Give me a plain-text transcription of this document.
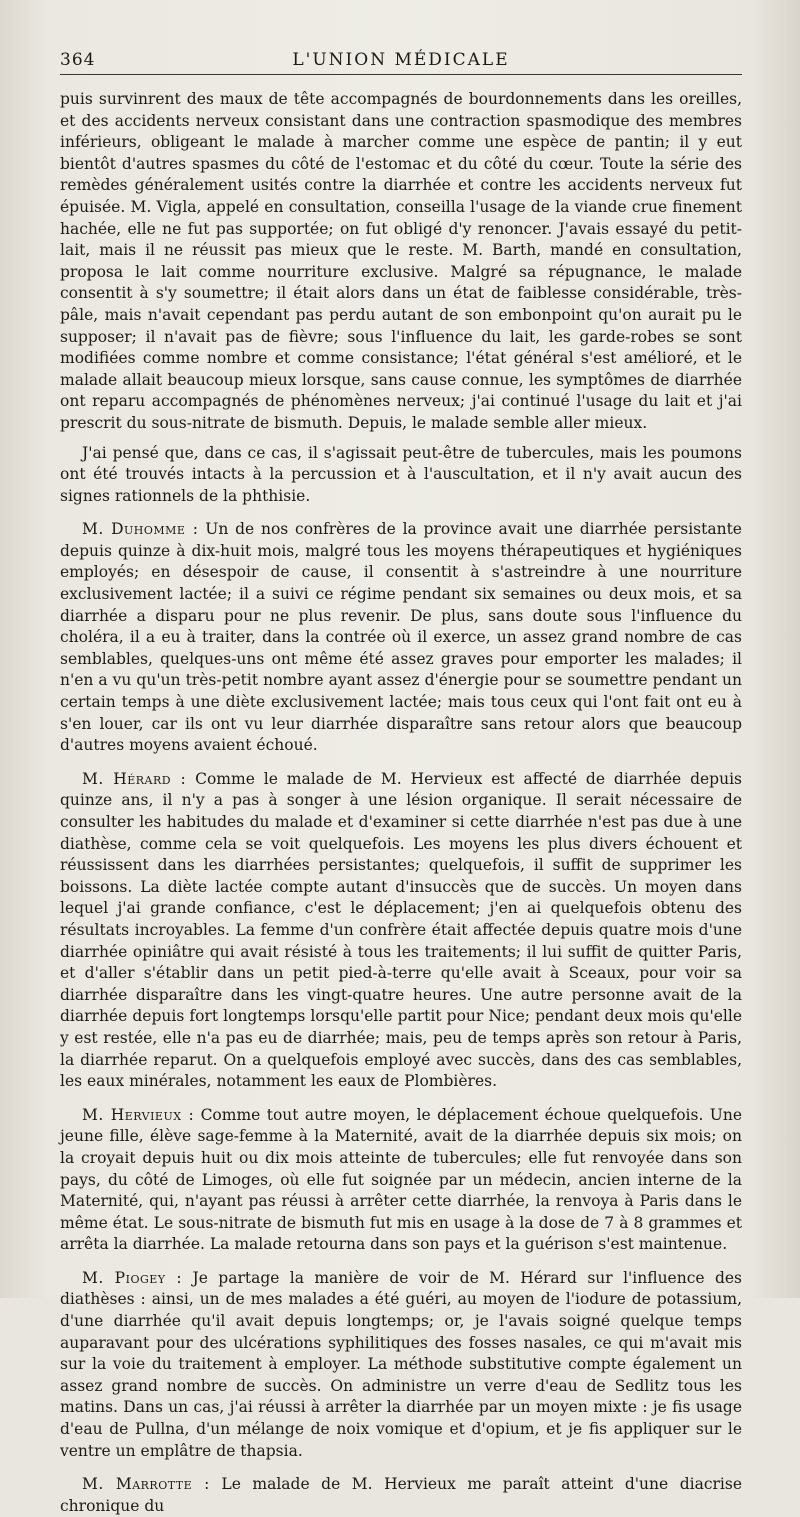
364	L'UNION MÉDICALE

puis survinrent des maux de tête accompagnés de bourdonnements dans les oreilles, et des accidents nerveux consistant dans une contraction spasmodique des membres inférieurs, obligeant le malade à marcher comme une espèce de pantin; il y eut bientôt d'autres spasmes du côté de l'estomac et du côté du cœur. Toute la série des remèdes généralement usités contre la diarrhée et contre les accidents nerveux fut épuisée. M. Vigla, appelé en consultation, conseilla l'usage de la viande crue finement hachée, elle ne fut pas supportée; on fut obligé d'y renoncer. J'avais essayé du petit-lait, mais il ne réussit pas mieux que le reste. M. Barth, mandé en consultation, proposa le lait comme nourriture exclusive. Malgré sa répugnance, le malade consentit à s'y soumettre; il était alors dans un état de faiblesse considérable, très-pâle, mais n'avait cependant pas perdu autant de son embonpoint qu'on aurait pu le supposer; il n'avait pas de fièvre; sous l'influence du lait, les garde-robes se sont modifiées comme nombre et comme consistance; l'état général s'est amélioré, et le malade allait beaucoup mieux lorsque, sans cause connue, les symptômes de diarrhée ont reparu accompagnés de phénomènes nerveux; j'ai continué l'usage du lait et j'ai prescrit du sous-nitrate de bismuth. Depuis, le malade semble aller mieux.

J'ai pensé que, dans ce cas, il s'agissait peut-être de tubercules, mais les poumons ont été trouvés intacts à la percussion et à l'auscultation, et il n'y avait aucun des signes rationnels de la phthisie.

M. Duhomme : Un de nos confrères de la province avait une diarrhée persistante depuis quinze à dix-huit mois, malgré tous les moyens thérapeutiques et hygiéniques employés; en désespoir de cause, il consentit à s'astreindre à une nourriture exclusivement lactée; il a suivi ce régime pendant six semaines ou deux mois, et sa diarrhée a disparu pour ne plus revenir. De plus, sans doute sous l'influence du choléra, il a eu à traiter, dans la contrée où il exerce, un assez grand nombre de cas semblables, quelques-uns ont même été assez graves pour emporter les malades; il n'en a vu qu'un très-petit nombre ayant assez d'énergie pour se soumettre pendant un certain temps à une diète exclusivement lactée; mais tous ceux qui l'ont fait ont eu à s'en louer, car ils ont vu leur diarrhée disparaître sans retour alors que beaucoup d'autres moyens avaient échoué.

M. Hérard : Comme le malade de M. Hervieux est affecté de diarrhée depuis quinze ans, il n'y a pas à songer à une lésion organique. Il serait nécessaire de consulter les habitudes du malade et d'examiner si cette diarrhée n'est pas due à une diathèse, comme cela se voit quelquefois. Les moyens les plus divers échouent et réussissent dans les diarrhées persistantes; quelquefois, il suffit de supprimer les boissons. La diète lactée compte autant d'insuccès que de succès. Un moyen dans lequel j'ai grande confiance, c'est le déplacement; j'en ai quelquefois obtenu des résultats incroyables. La femme d'un confrère était affectée depuis quatre mois d'une diarrhée opiniâtre qui avait résisté à tous les traitements; il lui suffit de quitter Paris, et d'aller s'établir dans un petit pied-à-terre qu'elle avait à Sceaux, pour voir sa diarrhée disparaître dans les vingt-quatre heures. Une autre personne avait de la diarrhée depuis fort longtemps lorsqu'elle partit pour Nice; pendant deux mois qu'elle y est restée, elle n'a pas eu de diarrhée; mais, peu de temps après son retour à Paris, la diarrhée reparut. On a quelquefois employé avec succès, dans des cas semblables, les eaux minérales, notamment les eaux de Plombières.

M. Hervieux : Comme tout autre moyen, le déplacement échoue quelquefois. Une jeune fille, élève sage-femme à la Maternité, avait de la diarrhée depuis six mois; on la croyait depuis huit ou dix mois atteinte de tubercules; elle fut renvoyée dans son pays, du côté de Limoges, où elle fut soignée par un médecin, ancien interne de la Maternité, qui, n'ayant pas réussi à arrêter cette diarrhée, la renvoya à Paris dans le même état. Le sous-nitrate de bismuth fut mis en usage à la dose de 7 à 8 grammes et arrêta la diarrhée. La malade retourna dans son pays et la guérison s'est maintenue.

M. Piogey : Je partage la manière de voir de M. Hérard sur l'influence des diathèses : ainsi, un de mes malades a été guéri, au moyen de l'iodure de potassium, d'une diarrhée qu'il avait depuis longtemps; or, je l'avais soigné quelque temps auparavant pour des ulcérations syphilitiques des fosses nasales, ce qui m'avait mis sur la voie du traitement à employer. La méthode substitutive compte également un assez grand nombre de succès. On administre un verre d'eau de Sedlitz tous les matins. Dans un cas, j'ai réussi à arrêter la diarrhée par un moyen mixte : je fis usage d'eau de Pullna, d'un mélange de noix vomique et d'opium, et je fis appliquer sur le ventre un emplâtre de thapsia.

M. Marrotte : Le malade de M. Hervieux me paraît atteint d'une diacrise chronique du
